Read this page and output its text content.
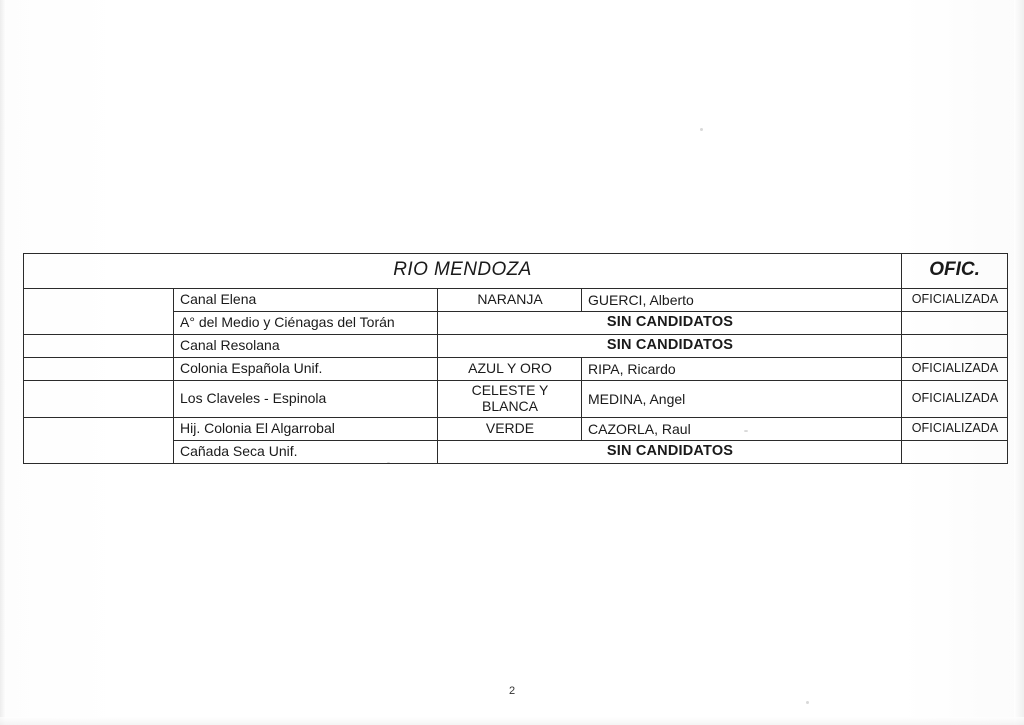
RIO MENDOZA				OFIC.

	Canal Elena	NARANJA	GUERCI, Alberto	OFICIALIZADA

	A° del Medio y Ciénagas del Torán	SIN CANDIDATOS		

	Canal Resolana	SIN CANDIDATOS		

	Colonia Española Unif.	AZUL Y ORO	RIPA, Ricardo	OFICIALIZADA

	Los Claveles - Espinola	CELESTE Y BLANCA	MEDINA, Angel	OFICIALIZADA

	Hij. Colonia El Algarrobal	VERDE	CAZORLA, Raul	OFICIALIZADA

	Cañada Seca Unif.	SIN CANDIDATOS		

2
